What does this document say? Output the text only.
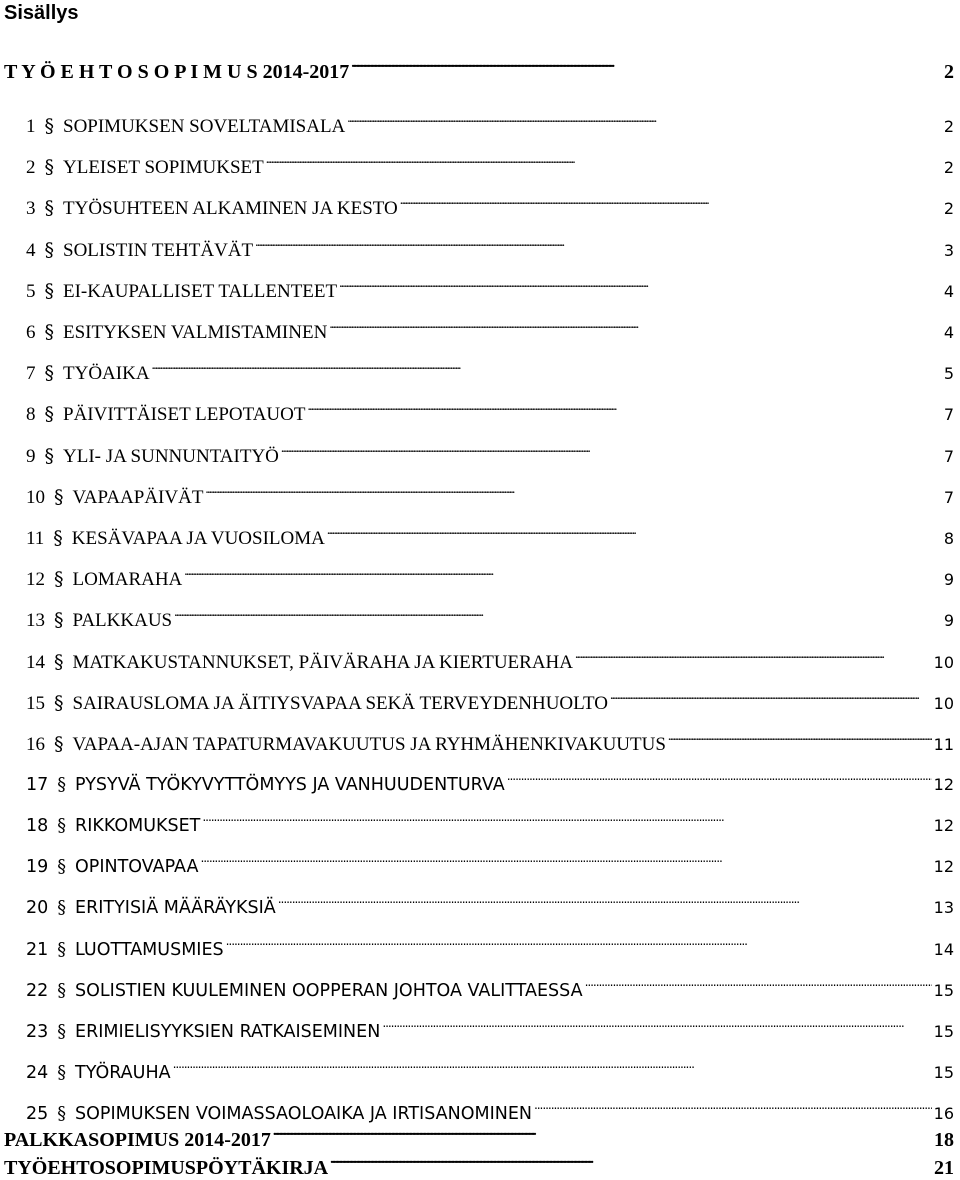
Sisällys
T Y Ö E H T O S O P I M U S 2014-2017 . . .	2
1 § SOPIMUKSEN SOVELTAMISALA . . .	2
2 § YLEISET SOPIMUKSET . . .	2
3 § TYÖSUHTEEN ALKAMINEN JA KESTO . . .	2
4 § SOLISTIN TEHTÄVÄT . . .	3
5 § EI-KAUPALLISET TALLENTEET . . .	4
6 § ESITYKSEN VALMISTAMINEN . . .	4
7 § TYÖAIKA . . .	5
8 § PÄIVITTÄISET LEPOTAUOT . . .	7
9 § YLI- JA SUNNUNTAITYÖ . . .	7
10 § VAPAAPÄIVÄT . . .	7
11 § KESÄVAPAA JA VUOSILOMA . . .	8
12 § LOMARAHA . . .	9
13 § PALKKAUS . . .	9
14 § MATKAKUSTANNUKSET, PÄIVÄRAHA JA KIERTUERAHA . . .	10
15 § SAIRAUSLOMA JA ÄITIYSVAPAA SEKÄ TERVEYDENHUOLTO . . .	10
16 § VAPAA-AJAN TAPATURMAVAKUUTUS JA RYHMÄHENKIVAKUUTUS . . .	11
17 § PYSYVÄ TYÖKYVYTTÖMYYS JA VANHUUDENTURVA . . .	12
18 § RIKKOMUKSET . . .	12
19 § OPINTOVAPAA . . .	12
20 § ERITYISIÄ MÄÄRÄYKSIÄ . . .	13
21 § LUOTTAMUSMIES . . .	14
22 § SOLISTIEN KUULEMINEN OOPPERAN JOHTOA VALITTAESSA . . .	15
23 § ERIMIELISYYKSIEN RATKAISEMINEN . . .	15
24 § TYÖRAUHA . . .	15
25 § SOPIMUKSEN VOIMASSAOLOAIKA JA IRTISANOMINEN . . .	16
PALKKASOPIMUS 2014-2017 . . .	18
TYÖEHTOSOPIMUSPÖYTÄKIRJA . . .	21
